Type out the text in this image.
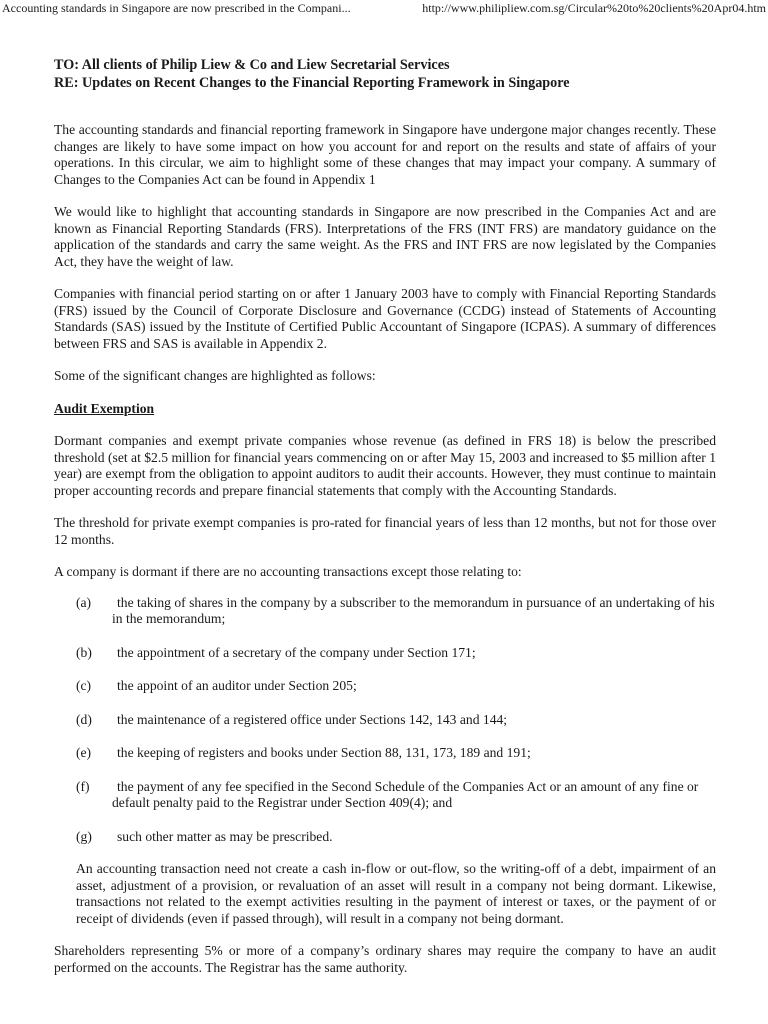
Accounting standards in Singapore are now prescribed in the Compani...	http://www.philipliew.com.sg/Circular%20to%20clients%20Apr04.htm
TO: All clients of Philip Liew & Co and Liew Secretarial Services
RE: Updates on Recent Changes to the Financial Reporting Framework in Singapore

The accounting standards and financial reporting framework in Singapore have undergone major changes recently. These changes are likely to have some impact on how you account for and report on the results and state of affairs of your operations. In this circular, we aim to highlight some of these changes that may impact your company. A summary of Changes to the Companies Act can be found in Appendix 1

We would like to highlight that accounting standards in Singapore are now prescribed in the Companies Act and are known as Financial Reporting Standards (FRS). Interpretations of the FRS (INT FRS) are mandatory guidance on the application of the standards and carry the same weight. As the FRS and INT FRS are now legislated by the Companies Act, they have the weight of law.

Companies with financial period starting on or after 1 January 2003 have to comply with Financial Reporting Standards (FRS) issued by the Council of Corporate Disclosure and Governance (CCDG) instead of Statements of Accounting Standards (SAS) issued by the Institute of Certified Public Accountant of Singapore (ICPAS). A summary of differences between FRS and SAS is available in Appendix 2.

Some of the significant changes are highlighted as follows:

Audit Exemption

Dormant companies and exempt private companies whose revenue (as defined in FRS 18) is below the prescribed threshold (set at $2.5 million for financial years commencing on or after May 15, 2003 and increased to $5 million after 1 year) are exempt from the obligation to appoint auditors to audit their accounts. However, they must continue to maintain proper accounting records and prepare financial statements that comply with the Accounting Standards.

The threshold for private exempt companies is pro-rated for financial years of less than 12 months, but not for those over 12 months.

A company is dormant if there are no accounting transactions except those relating to:

(a)	the taking of shares in the company by a subscriber to the memorandum in pursuance of an undertaking of his in the memorandum;
(b)	the appointment of a secretary of the company under Section 171;
(c)	the appoint of an auditor under Section 205;
(d)	the maintenance of a registered office under Sections 142, 143 and 144;
(e)	the keeping of registers and books under Section 88, 131, 173, 189 and 191;
(f)	the payment of any fee specified in the Second Schedule of the Companies Act or an amount of any fine or default penalty paid to the Registrar under Section 409(4); and
(g)	such other matter as may be prescribed.

An accounting transaction need not create a cash in-flow or out-flow, so the writing-off of a debt, impairment of an asset, adjustment of a provision, or revaluation of an asset will result in a company not being dormant. Likewise, transactions not related to the exempt activities resulting in the payment of interest or taxes, or the payment of or receipt of dividends (even if passed through), will result in a company not being dormant.

Shareholders representing 5% or more of a company’s ordinary shares may require the company to have an audit performed on the accounts. The Registrar has the same authority.
